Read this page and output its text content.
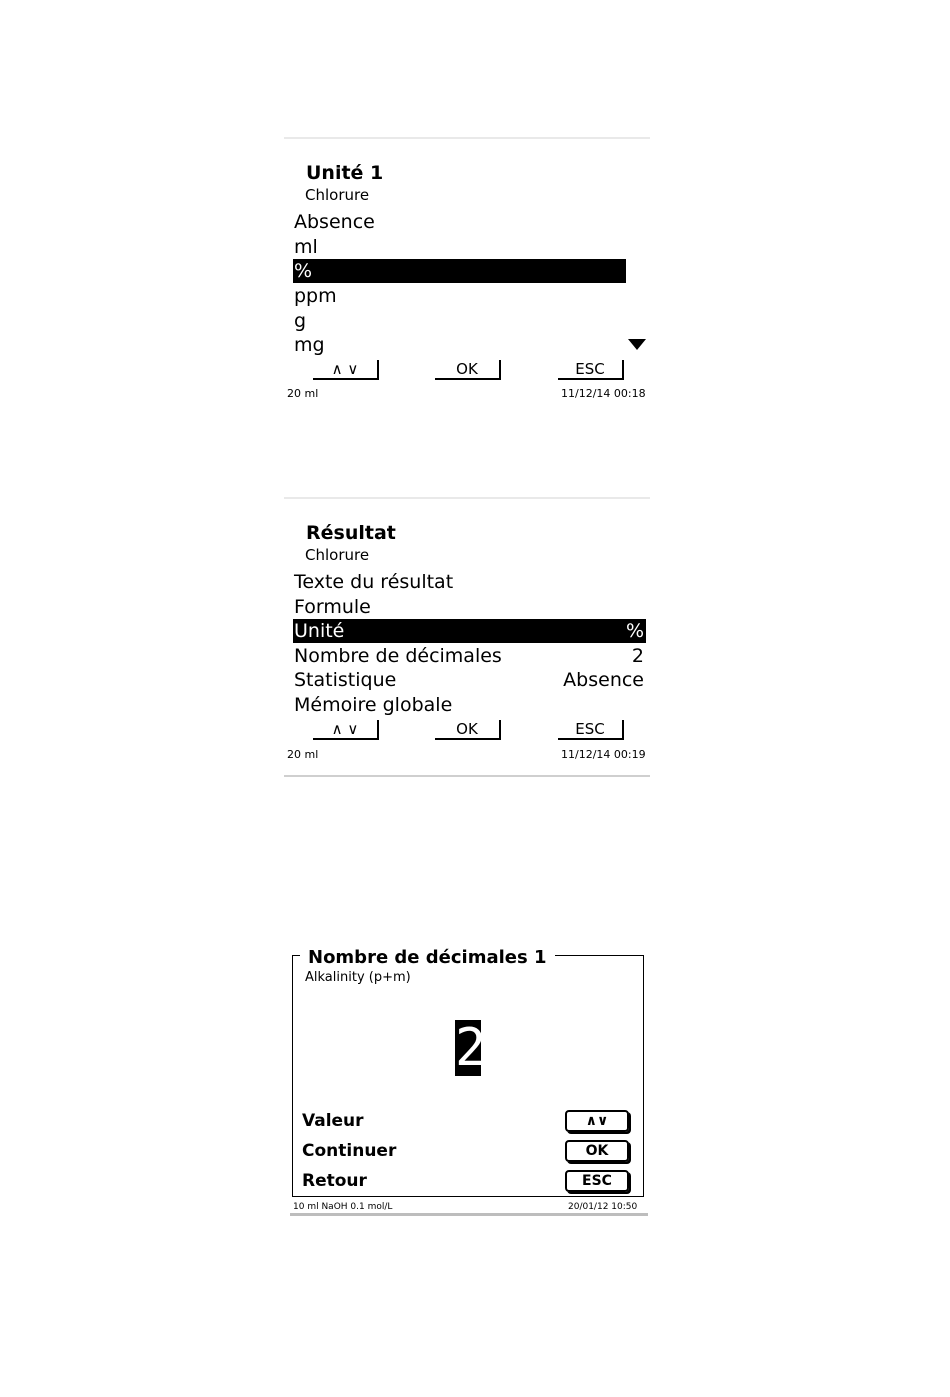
Unité 1
Chlorure
Absence
ml
%
ppm
g
mg
∧ ∨	OK	ESC
20 ml	11/12/14 00:18
Résultat
Chlorure
Texte du résultat
Formule
Unité	%
Nombre de décimales	2
Statistique	Absence
Mémoire globale
∧ ∨	OK	ESC
20 ml	11/12/14 00:19
Nombre de décimales 1
Alkalinity (p+m)
2
Valeur	∧∨
Continuer	OK
Retour	ESC
10 ml NaOH 0.1 mol/L	20/01/12 10:50
